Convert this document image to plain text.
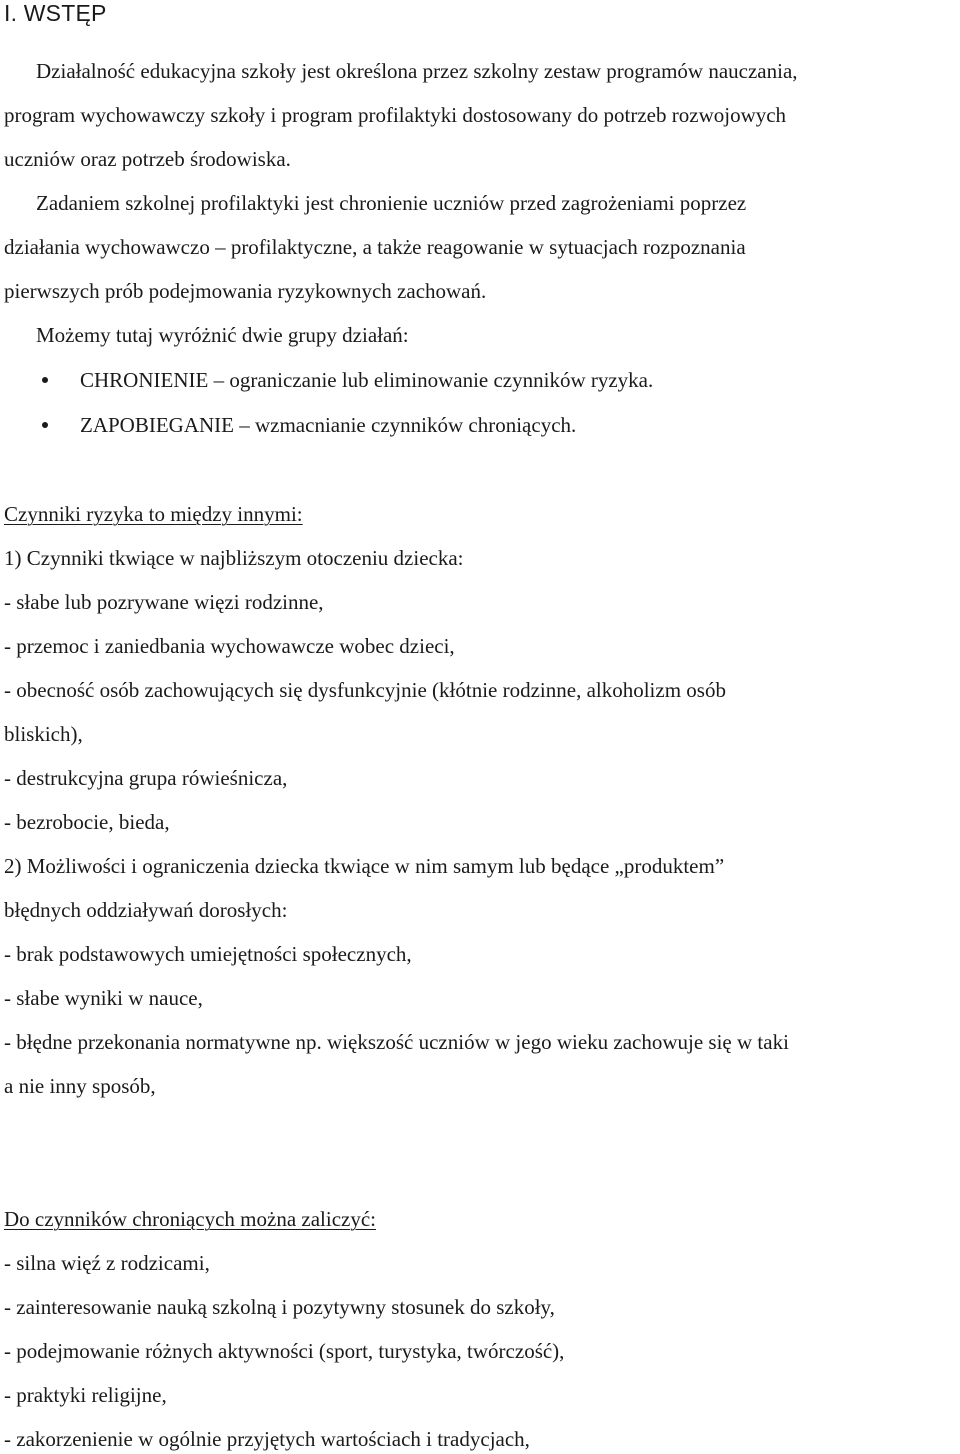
I. WSTĘP
Działalność edukacyjna szkoły jest określona przez szkolny zestaw programów nauczania,
program wychowawczy szkoły i program profilaktyki dostosowany do potrzeb rozwojowych
uczniów oraz potrzeb środowiska.
Zadaniem szkolnej profilaktyki jest chronienie uczniów przed zagrożeniami poprzez
działania wychowawczo – profilaktyczne, a także reagowanie w sytuacjach rozpoznania
pierwszych prób podejmowania ryzykownych zachowań.
Możemy tutaj wyróżnić dwie grupy działań:
CHRONIENIE – ograniczanie lub eliminowanie czynników ryzyka.
ZAPOBIEGANIE – wzmacnianie czynników chroniących.
Czynniki ryzyka to między innymi:
1) Czynniki tkwiące w najbliższym otoczeniu dziecka:
- słabe lub pozrywane więzi rodzinne,
- przemoc i zaniedbania wychowawcze wobec dzieci,
- obecność osób zachowujących się dysfunkcyjnie (kłótnie rodzinne, alkoholizm osób
bliskich),
- destrukcyjna grupa rówieśnicza,
- bezrobocie, bieda,
2) Możliwości i ograniczenia dziecka tkwiące w nim samym lub będące „produktem”
błędnych oddziaływań dorosłych:
- brak podstawowych umiejętności społecznych,
- słabe wyniki w nauce,
- błędne przekonania normatywne np. większość uczniów w jego wieku zachowuje się w taki
a nie inny sposób,
Do czynników chroniących można zaliczyć:
- silna więź z rodzicami,
- zainteresowanie nauką szkolną i pozytywny stosunek do szkoły,
- podejmowanie różnych aktywności (sport, turystyka, twórczość),
- praktyki religijne,
- zakorzenienie w ogólnie przyjętych wartościach i tradycjach,
